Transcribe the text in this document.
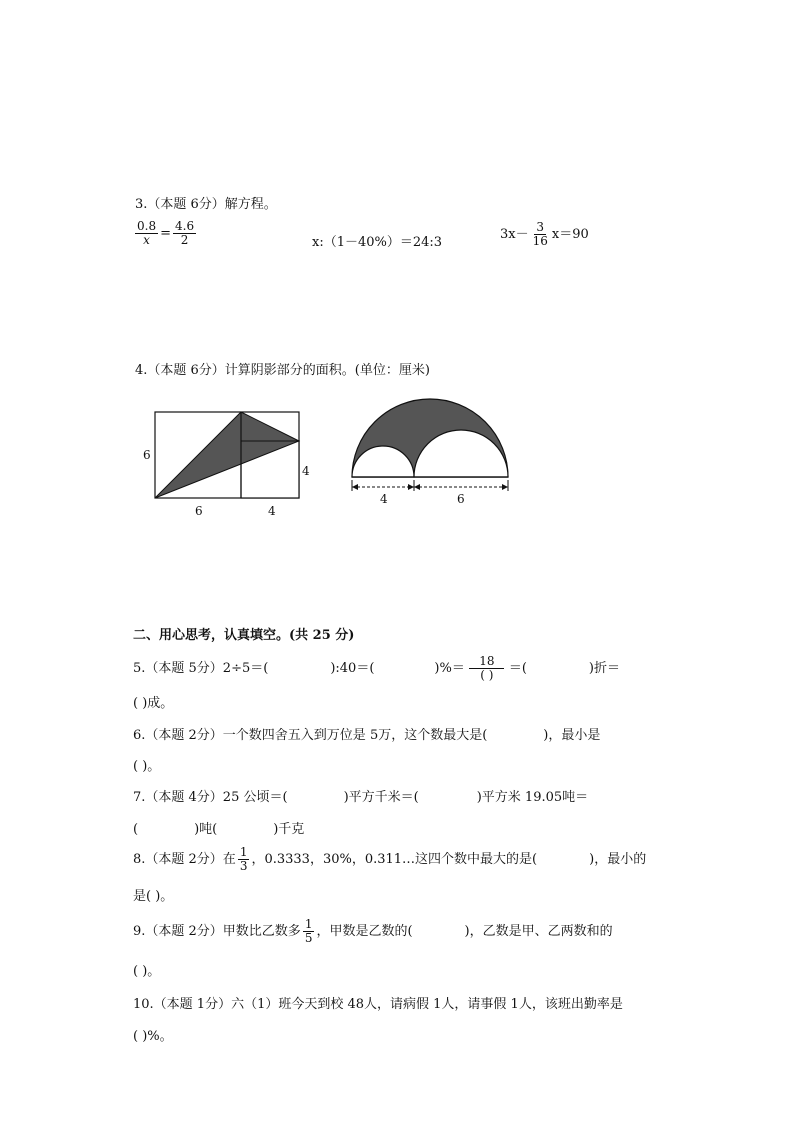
3.（本题 6分）解方程。
$\frac{0.8}{x} = \frac{4.6}{2}$	x:（1－40%）＝24:3
$3x- \frac{3}{16} x=90$
4.（本题 6分）计算阴影部分的面积。(单位：厘米)
6
6	4
4
4	6
二、用心思考，认真填空。(共 25 分)
5.（本题 5分）2÷5＝(	):40＝(	)%＝ $\frac{18}{( )}$ ＝(	)折＝
( )成。
6.（本题 2分）一个数四舍五入到万位是 5万，这个数最大是(	)，最小是
( )。
7.（本题 4分）25 公顷＝(	)平方千米＝(	)平方米 19.05吨＝
(	)吨(	)千克
8.（本题 2分）在 $\frac{1}{3}$ ，0.3333，30%，0.311…这四个数中最大的是(	)，最小的
是( )。
9.（本题 2分）甲数比乙数多 $\frac{1}{5}$ ，甲数是乙数的(	)，乙数是甲、乙两数和的
( )。
10.（本题 1分）六（1）班今天到校 48人，请病假 1人，请事假 1人，该班出勤率是
( )%。
